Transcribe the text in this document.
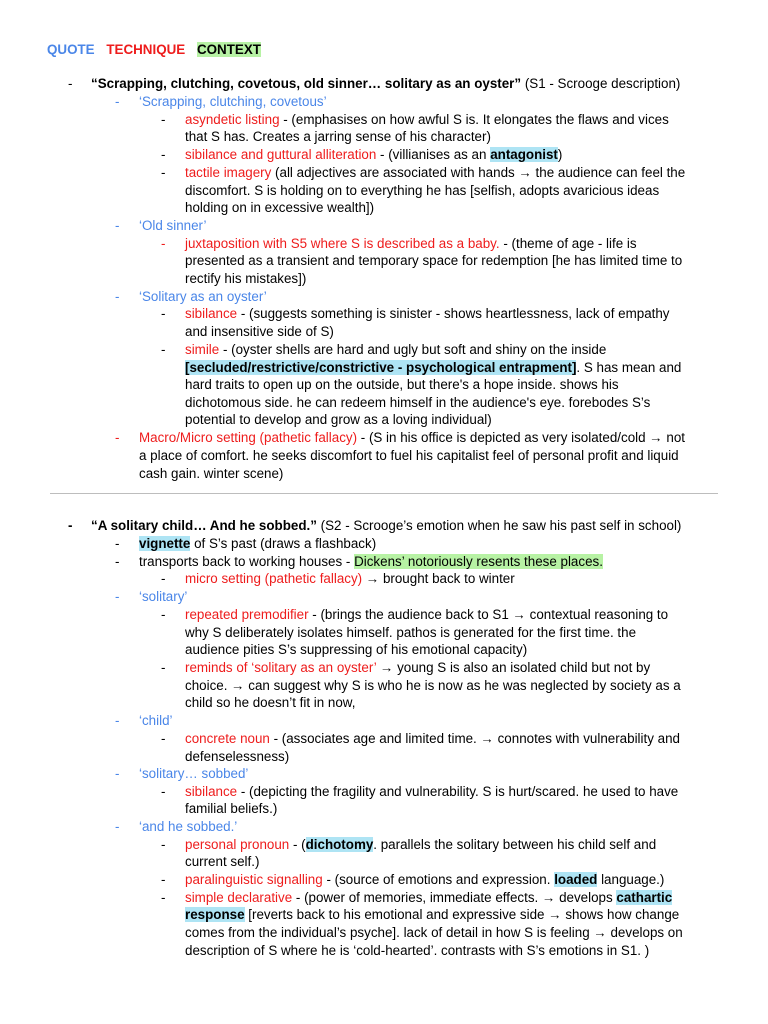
QUOTE TECHNIQUE CONTEXT
- “Scrapping, clutching, covetous, old sinner… solitary as an oyster” (S1 - Scrooge description)
- ‘Scrapping, clutching, covetous’
- asyndetic listing - (emphasises on how awful S is. It elongates the flaws and vices
that S has. Creates a jarring sense of his character)
- sibilance and guttural alliteration - (villianises as an antagonist)
- tactile imagery (all adjectives are associated with hands → the audience can feel the
discomfort. S is holding on to everything he has [selfish, adopts avaricious ideas
holding on in excessive wealth])
- ‘Old sinner’
- juxtaposition with S5 where S is described as a baby. - (theme of age - life is
presented as a transient and temporary space for redemption [he has limited time to
rectify his mistakes])
- ‘Solitary as an oyster’
- sibilance - (suggests something is sinister - shows heartlessness, lack of empathy
and insensitive side of S)
- simile - (oyster shells are hard and ugly but soft and shiny on the inside
[secluded/restrictive/constrictive - psychological entrapment]. S has mean and
hard traits to open up on the outside, but there's a hope inside. shows his
dichotomous side. he can redeem himself in the audience's eye. forebodes S’s
potential to develop and grow as a loving individual)
- Macro/Micro setting (pathetic fallacy) - (S in his office is depicted as very isolated/cold → not
a place of comfort. he seeks discomfort to fuel his capitalist feel of personal profit and liquid
cash gain. winter scene)
- “A solitary child… And he sobbed.” (S2 - Scrooge’s emotion when he saw his past self in school)
- vignette of S’s past (draws a flashback)
- transports back to working houses - Dickens’ notoriously resents these places.
- micro setting (pathetic fallacy) → brought back to winter
- ‘solitary’
- repeated premodifier - (brings the audience back to S1 → contextual reasoning to
why S deliberately isolates himself. pathos is generated for the first time. the
audience pities S’s suppressing of his emotional capacity)
- reminds of ‘solitary as an oyster’ → young S is also an isolated child but not by
choice. → can suggest why S is who he is now as he was neglected by society as a
child so he doesn’t fit in now,
- ‘child’
- concrete noun - (associates age and limited time. → connotes with vulnerability and
defenselessness)
- ‘solitary… sobbed’
- sibilance - (depicting the fragility and vulnerability. S is hurt/scared. he used to have
familial beliefs.)
- ‘and he sobbed.’
- personal pronoun - (dichotomy. parallels the solitary between his child self and
current self.)
- paralinguistic signalling - (source of emotions and expression. loaded language.)
- simple declarative - (power of memories, immediate effects. → develops cathartic
response [reverts back to his emotional and expressive side → shows how change
comes from the individual’s psyche]. lack of detail in how S is feeling → develops on
description of S where he is ‘cold-hearted’. contrasts with S’s emotions in S1. )
